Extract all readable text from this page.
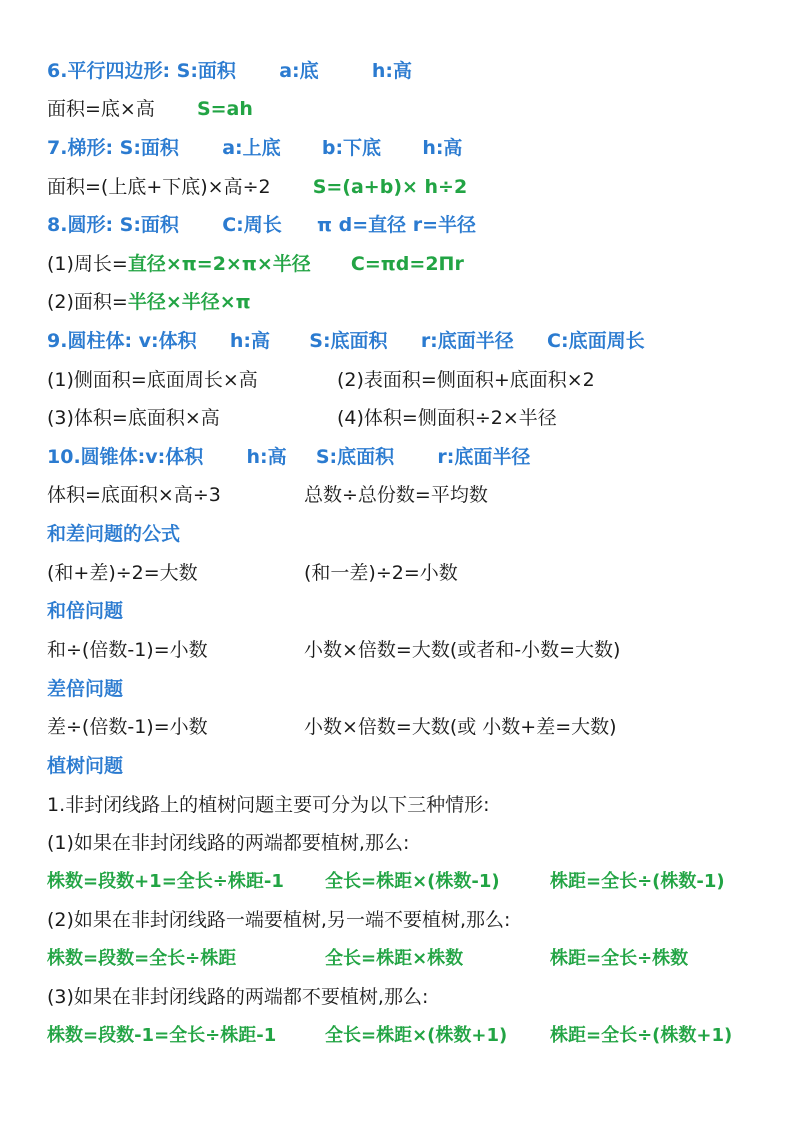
6.平行四边形: S:面积 a:底	h:高
面积=底×高 S=ah
7.梯形: S:面积 a:上底 b:下底 h:高
面积=(上底+下底)×高÷2 S=(a+b)× h÷2
8.圆形: S:面积 C:周长 π d=直径 r=半径
(1)周长=直径×π=2×π×半径 C=πd=2Πr
(2)面积=半径×半径×π
9.圆柱体: v:体积 h:高 S:底面积 r:底面半径 C:底面周长
(1)侧面积=底面周长×高	(2)表面积=侧面积+底面积×2
(3)体积=底面积×高	(4)体积=侧面积÷2×半径
10.圆锥体:v:体积 h:高 S:底面积 r:底面半径
体积=底面积×高÷3	总数÷总份数=平均数
和差问题的公式
(和+差)÷2=大数	(和一差)÷2=小数
和倍问题
和÷(倍数-1)=小数	小数×倍数=大数(或者和-小数=大数)
差倍问题
差÷(倍数-1)=小数	小数×倍数=大数(或 小数+差=大数)
植树问题
1.非封闭线路上的植树问题主要可分为以下三种情形:
(1)如果在非封闭线路的两端都要植树,那么:
株数=段数+1=全长÷株距-1 全长=株距×(株数-1)	株距=全长÷(株数-1)
(2)如果在非封闭线路一端要植树,另一端不要植树,那么:
株数=段数=全长÷株距	全长=株距×株数	株距=全长÷株数
(3)如果在非封闭线路的两端都不要植树,那么:
株数=段数-1=全长÷株距-1	全长=株距×(株数+1) 株距=全长÷(株数+1)
